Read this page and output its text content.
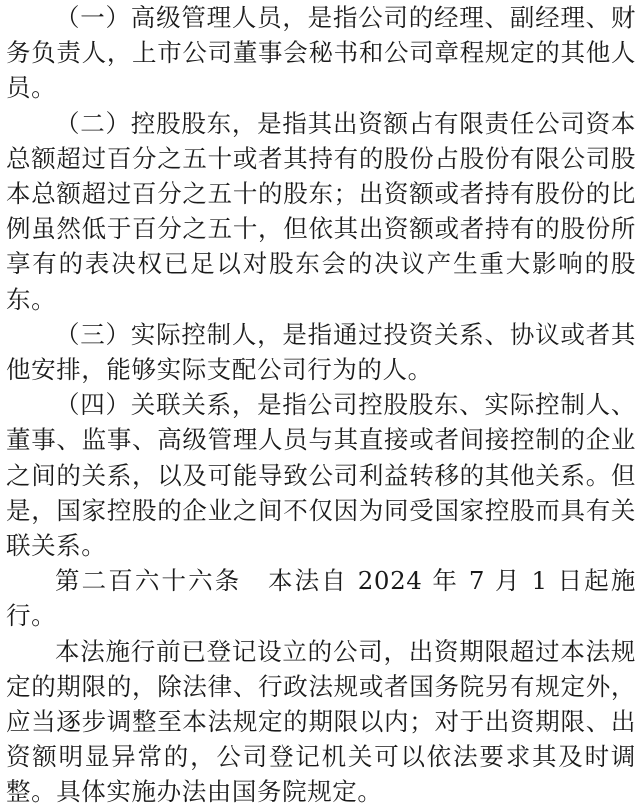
（一）高级管理人员，是指公司的经理、副经理、财务负责人，上市公司董事会秘书和公司章程规定的其他人员。

（二）控股股东，是指其出资额占有限责任公司资本总额超过百分之五十或者其持有的股份占股份有限公司股本总额超过百分之五十的股东；出资额或者持有股份的比例虽然低于百分之五十，但依其出资额或者持有的股份所享有的表决权已足以对股东会的决议产生重大影响的股东。

（三）实际控制人，是指通过投资关系、协议或者其他安排，能够实际支配公司行为的人。

（四）关联关系，是指公司控股股东、实际控制人、董事、监事、高级管理人员与其直接或者间接控制的企业之间的关系，以及可能导致公司利益转移的其他关系。但是，国家控股的企业之间不仅因为同受国家控股而具有关联关系。

第二百六十六条　本法自 2024 年 7 月 1 日起施行。

本法施行前已登记设立的公司，出资期限超过本法规定的期限的，除法律、行政法规或者国务院另有规定外，应当逐步调整至本法规定的期限以内；对于出资期限、出资额明显异常的，公司登记机关可以依法要求其及时调整。具体实施办法由国务院规定。
